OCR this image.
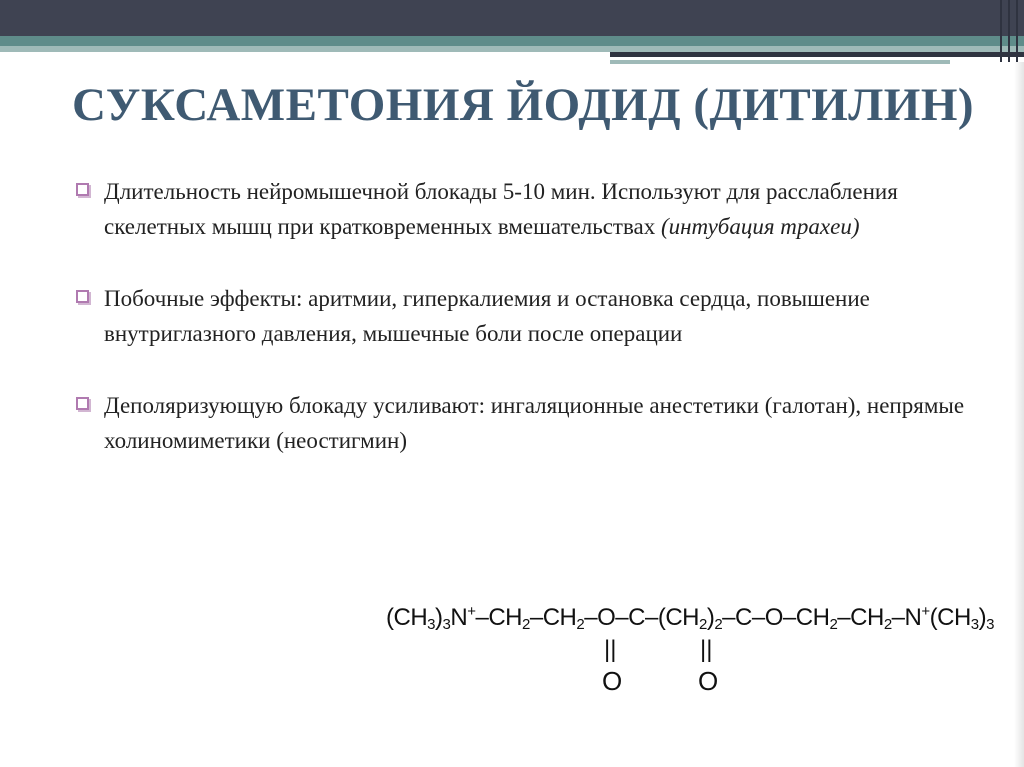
СУКСАМЕТОНИЯ ЙОДИД (ДИТИЛИН)
Длительность нейромышечной блокады 5-10 мин. Используют для расслабления скелетных мышц при кратковременных вмешательствах (интубация трахеи)
Побочные эффекты: аритмии, гиперкалиемия и остановка сердца, повышение внутриглазного давления, мышечные боли после операции
Деполяризующую блокаду усиливают: ингаляционные анестетики (галотан), непрямые холиномиметики (неостигмин)
$(CH_3)_3N^+-CH_2-CH_2-O-C-(CH_2)_2-C-O-CH_2-CH_2-N^+(CH_3)_3$
||
O
||
O
